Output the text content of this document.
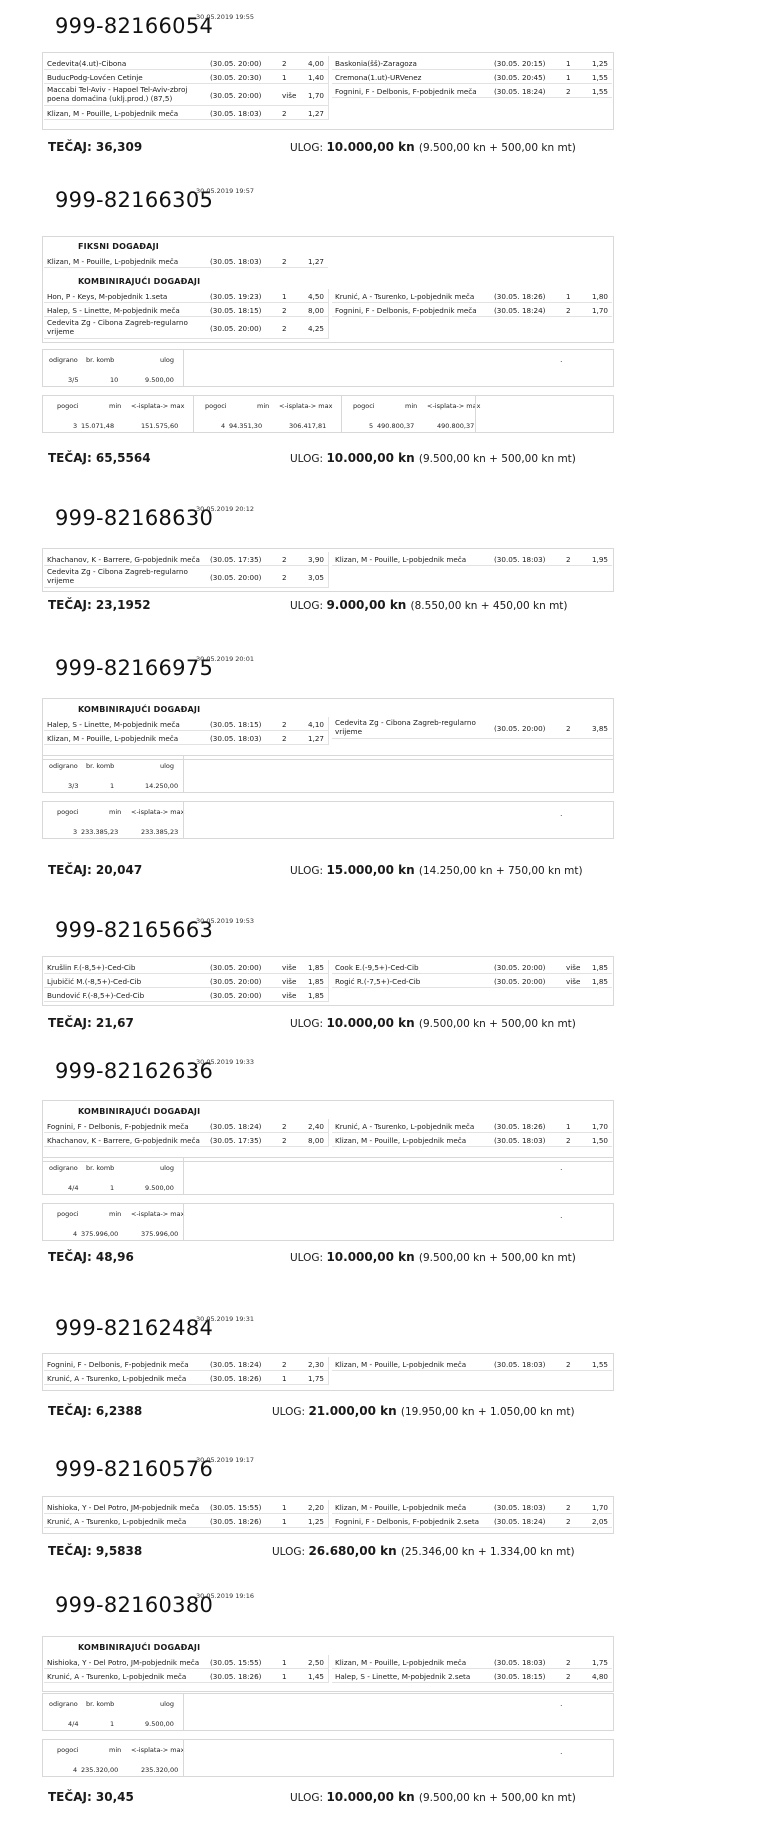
999-82166054
30.05.2019 19:55
Cedevita(4.ut)-Cibona	(30.05. 20:00)	2	4,00
BuducPodg-Lovćen Cetinje	(30.05. 20:30)	1	1,40
Maccabi Tel-Aviv - Hapoel Tel-Aviv-zbroj
poena domaćina (uklj.prod.) (87,5)	(30.05. 20:00)	više	1,70
Klizan, M - Pouille, L-pobjednik meča	(30.05. 18:03)	2	1,27
Baskonia(šš)-Zaragoza	(30.05. 20:15)	1	1,25
Cremona(1.ut)-URVenez	(30.05. 20:45)	1	1,55
Fognini, F - Delbonis, F-pobjednik meča (30.05. 18:24)	2	1,55
TEČAJ: 36,309	ULOG: 10.000,00 kn (9.500,00 kn + 500,00 kn mt)
999-82166305
30.05.2019 19:57
FIKSNI DOGAĐAJI
Klizan, M - Pouille, L-pobjednik meča	(30.05. 18:03)	2	1,27
KOMBINIRAJUĆI DOGAĐAJI
Hon, P - Keys, M-pobjednik 1.seta	(30.05. 19:23)	1	4,50
Halep, S - Linette, M-pobjednik meča	(30.05. 18:15)	2	8,00
Cedevita Zg - Cibona Zagreb-regularno
vrijeme	(30.05. 20:00)	2	4,25
Krunić, A - Tsurenko, L-pobjednik meča	(30.05. 18:26)	1	1,80
Fognini, F - Delbonis, F-pobjednik meča (30.05. 18:24)	2	1,70
odigrano br. komb	ulog
3/5	10	9.500,00
.
pogoci	min <-isplata-> max
3 15.071,48	151.575,60
pogoci	min <-isplata-> max
4 94.351,30	306.417,81
pogoci	min <-isplata-> max
5 490.800,37	490.800,37
TEČAJ: 65,5564	ULOG: 10.000,00 kn (9.500,00 kn + 500,00 kn mt)
999-82168630
30.05.2019 20:12
Khachanov, K - Barrere, G-pobjednik meča (30.05. 17:35)	2	3,90
Cedevita Zg - Cibona Zagreb-regularno
vrijeme	(30.05. 20:00)	2	3,05
Klizan, M - Pouille, L-pobjednik meča	(30.05. 18:03)	2	1,95
TEČAJ: 23,1952	ULOG: 9.000,00 kn (8.550,00 kn + 450,00 kn mt)
999-82166975
30.05.2019 20:01
KOMBINIRAJUĆI DOGAĐAJI
Halep, S - Linette, M-pobjednik meča	(30.05. 18:15)	2	4,10
Klizan, M - Pouille, L-pobjednik meča	(30.05. 18:03)	2	1,27
Cedevita Zg - Cibona Zagreb-regularno
vrijeme	(30.05. 20:00)	2	3,85
odigrano br. komb	ulog
3/3	1	14.250,00
pogoci	min <-isplata-> max
3 233.385,23	233.385,23
.
TEČAJ: 20,047	ULOG: 15.000,00 kn (14.250,00 kn + 750,00 kn mt)
999-82165663
30.05.2019 19:53
Krušlin F.(-8,5+)-Ced-Cib	(30.05. 20:00)	više	1,85
Ljubičić M.(-8,5+)-Ced-Cib	(30.05. 20:00)	više	1,85
Bundović F.(-8,5+)-Ced-Cib	(30.05. 20:00)	više	1,85
Cook E.(-9,5+)-Ced-Cib	(30.05. 20:00)	više	1,85
Rogić R.(-7,5+)-Ced-Cib	(30.05. 20:00)	više	1,85
TEČAJ: 21,67	ULOG: 10.000,00 kn (9.500,00 kn + 500,00 kn mt)
999-82162636
30.05.2019 19:33
KOMBINIRAJUĆI DOGAĐAJI
Fognini, F - Delbonis, F-pobjednik meča	(30.05. 18:24)	2	2,40
Khachanov, K - Barrere, G-pobjednik meča (30.05. 17:35)	2	8,00
Krunić, A - Tsurenko, L-pobjednik meča	(30.05. 18:26)	1	1,70
Klizan, M - Pouille, L-pobjednik meča	(30.05. 18:03)	2	1,50
odigrano br. komb	ulog
4/4	1	9.500,00
.
pogoci	min <-isplata-> max
4 375.996,00	375.996,00
.
TEČAJ: 48,96	ULOG: 10.000,00 kn (9.500,00 kn + 500,00 kn mt)
999-82162484
30.05.2019 19:31
Fognini, F - Delbonis, F-pobjednik meča	(30.05. 18:24)	2	2,30
Krunić, A - Tsurenko, L-pobjednik meča	(30.05. 18:26)	1	1,75
Klizan, M - Pouille, L-pobjednik meča	(30.05. 18:03)	2	1,55
TEČAJ: 6,2388	ULOG: 21.000,00 kn (19.950,00 kn + 1.050,00 kn mt)
999-82160576
30.05.2019 19:17
Nishioka, Y - Del Potro, JM-pobjednik meča (30.05. 15:55)	1	2,20
Krunić, A - Tsurenko, L-pobjednik meča	(30.05. 18:26)	1	1,25
Klizan, M - Pouille, L-pobjednik meča	(30.05. 18:03)	2	1,70
Fognini, F - Delbonis, F-pobjednik 2.seta (30.05. 18:24)	2	2,05
TEČAJ: 9,5838	ULOG: 26.680,00 kn (25.346,00 kn + 1.334,00 kn mt)
999-82160380
30.05.2019 19:16
KOMBINIRAJUĆI DOGAĐAJI
Nishioka, Y - Del Potro, JM-pobjednik meča (30.05. 15:55)	1	2,50
Krunić, A - Tsurenko, L-pobjednik meča	(30.05. 18:26)	1	1,45
Klizan, M - Pouille, L-pobjednik meča	(30.05. 18:03)	2	1,75
Halep, S - Linette, M-pobjednik 2.seta	(30.05. 18:15)	2	4,80
odigrano br. komb	ulog
4/4	1	9.500,00
.
pogoci	min <-isplata-> max
4 235.320,00	235.320,00
.
TEČAJ: 30,45	ULOG: 10.000,00 kn (9.500,00 kn + 500,00 kn mt)
